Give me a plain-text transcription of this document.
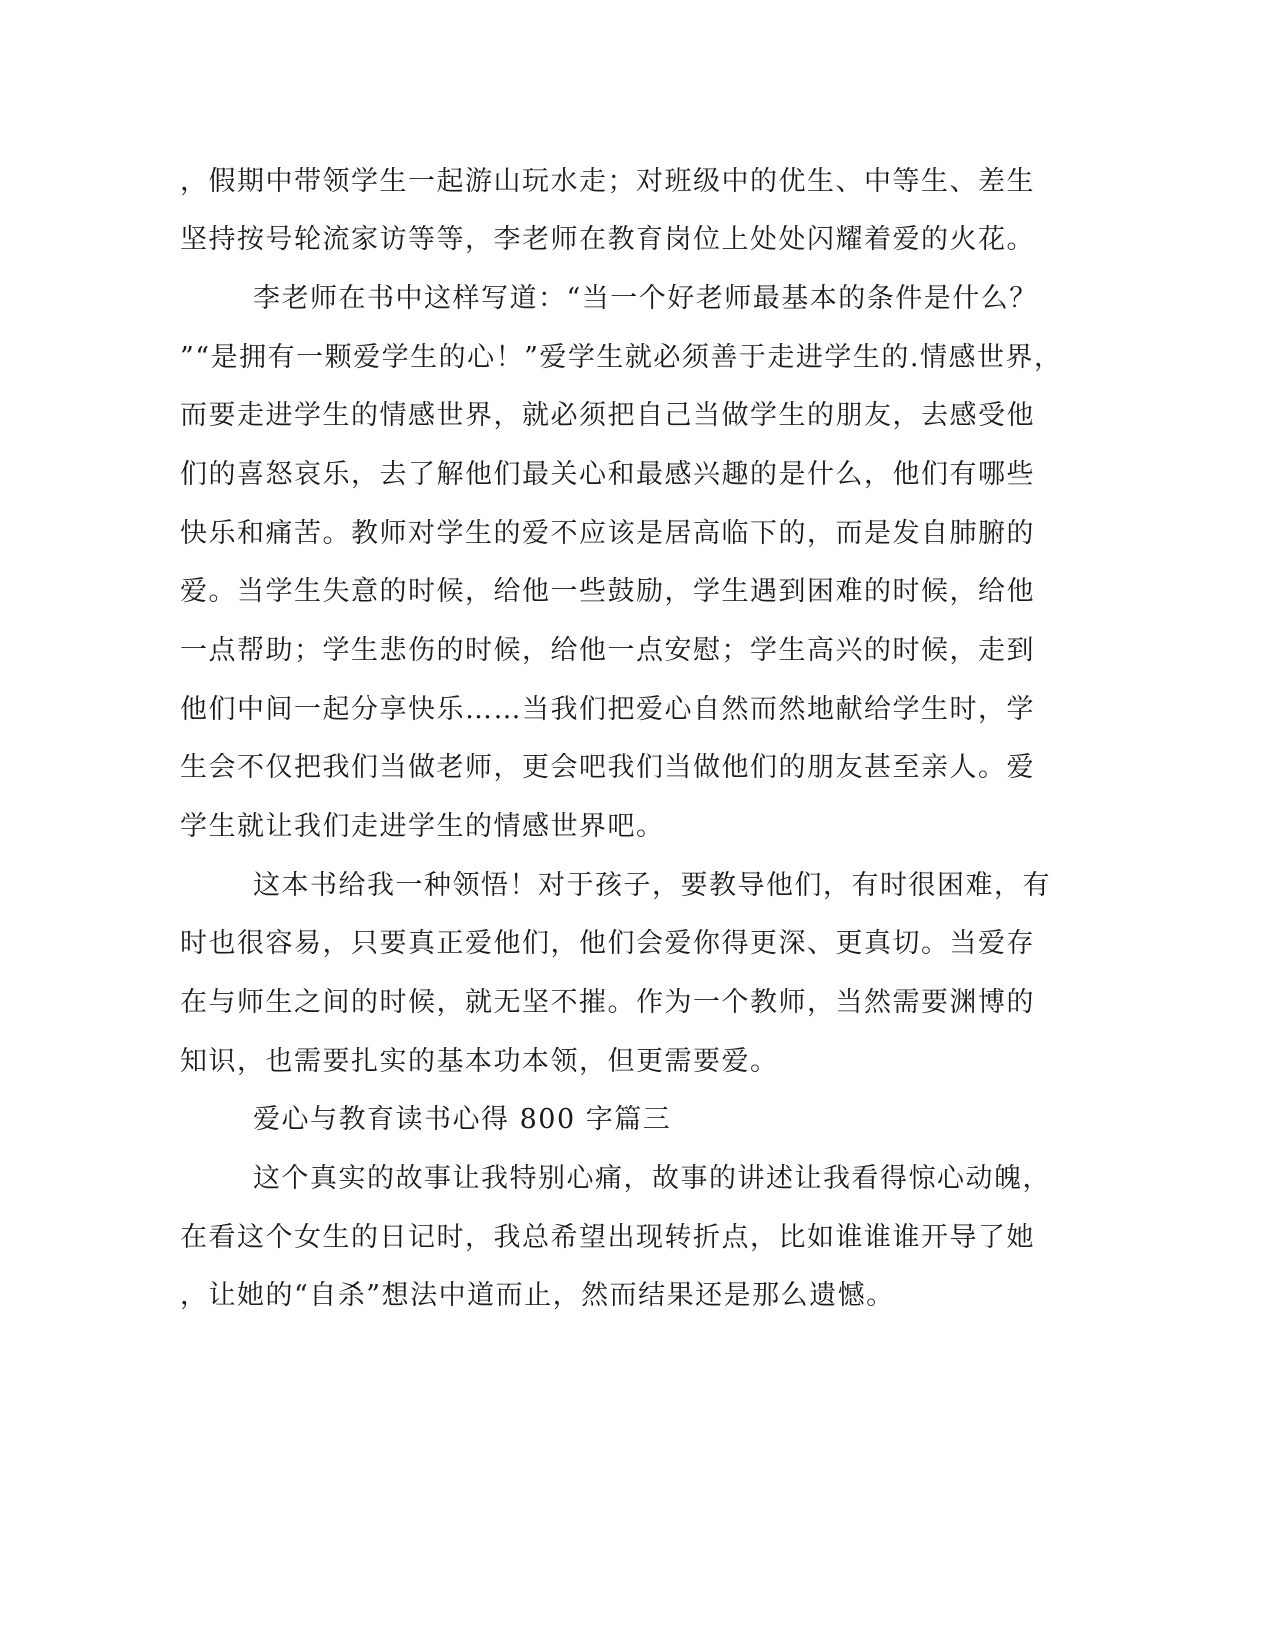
，假期中带领学生一起游山玩水走；对班级中的优生、中等生、差生
坚持按号轮流家访等等，李老师在教育岗位上处处闪耀着爱的火花。
李老师在书中这样写道：“当一个好老师最基本的条件是什么？
”“是拥有一颗爱学生的心！”爱学生就必须善于走进学生的.情感世界，
而要走进学生的情感世界，就必须把自己当做学生的朋友，去感受他
们的喜怒哀乐，去了解他们最关心和最感兴趣的是什么，他们有哪些
快乐和痛苦。教师对学生的爱不应该是居高临下的，而是发自肺腑的
爱。当学生失意的时候，给他一些鼓励，学生遇到困难的时候，给他
一点帮助；学生悲伤的时候，给他一点安慰；学生高兴的时候，走到
他们中间一起分享快乐……当我们把爱心自然而然地献给学生时，学
生会不仅把我们当做老师，更会吧我们当做他们的朋友甚至亲人。爱
学生就让我们走进学生的情感世界吧。
这本书给我一种领悟！对于孩子，要教导他们，有时很困难，有
时也很容易，只要真正爱他们，他们会爱你得更深、更真切。当爱存
在与师生之间的时候，就无坚不摧。作为一个教师，当然需要渊博的
知识，也需要扎实的基本功本领，但更需要爱。
爱心与教育读书心得 800 字篇三
这个真实的故事让我特别心痛，故事的讲述让我看得惊心动魄，
在看这个女生的日记时，我总希望出现转折点，比如谁谁谁开导了她
，让她的“自杀”想法中道而止，然而结果还是那么遗憾。
